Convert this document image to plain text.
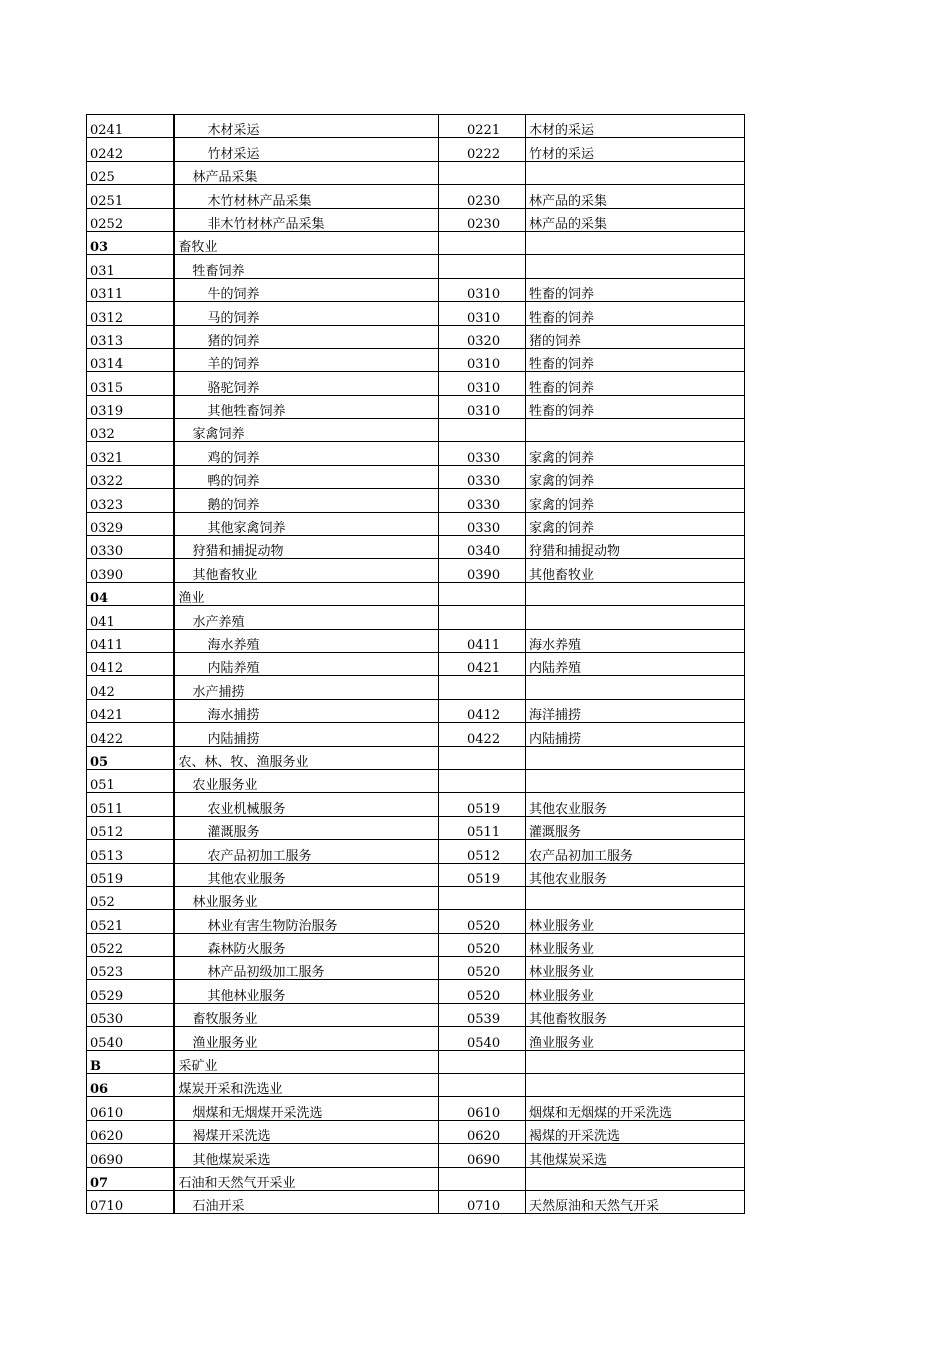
0241	木材采运	0221	木材的采运
0242	竹材采运	0222	竹材的采运
025	林产品采集		
0251	木竹材林产品采集	0230	林产品的采集
0252	非木竹材林产品采集	0230	林产品的采集
03	畜牧业		
031	牲畜饲养		
0311	牛的饲养	0310	牲畜的饲养
0312	马的饲养	0310	牲畜的饲养
0313	猪的饲养	0320	猪的饲养
0314	羊的饲养	0310	牲畜的饲养
0315	骆驼饲养	0310	牲畜的饲养
0319	其他牲畜饲养	0310	牲畜的饲养
032	家禽饲养		
0321	鸡的饲养	0330	家禽的饲养
0322	鸭的饲养	0330	家禽的饲养
0323	鹅的饲养	0330	家禽的饲养
0329	其他家禽饲养	0330	家禽的饲养
0330	狩猎和捕捉动物	0340	狩猎和捕捉动物
0390	其他畜牧业	0390	其他畜牧业
04	渔业		
041	水产养殖		
0411	海水养殖	0411	海水养殖
0412	内陆养殖	0421	内陆养殖
042	水产捕捞		
0421	海水捕捞	0412	海洋捕捞
0422	内陆捕捞	0422	内陆捕捞
05	农、林、牧、渔服务业		
051	农业服务业		
0511	农业机械服务	0519	其他农业服务
0512	灌溉服务	0511	灌溉服务
0513	农产品初加工服务	0512	农产品初加工服务
0519	其他农业服务	0519	其他农业服务
052	林业服务业		
0521	林业有害生物防治服务	0520	林业服务业
0522	森林防火服务	0520	林业服务业
0523	林产品初级加工服务	0520	林业服务业
0529	其他林业服务	0520	林业服务业
0530	畜牧服务业	0539	其他畜牧服务
0540	渔业服务业	0540	渔业服务业
B	采矿业		
06	煤炭开采和洗选业		
0610	烟煤和无烟煤开采洗选	0610	烟煤和无烟煤的开采洗选
0620	褐煤开采洗选	0620	褐煤的开采洗选
0690	其他煤炭采选	0690	其他煤炭采选
07	石油和天然气开采业		
0710	石油开采	0710	天然原油和天然气开采
